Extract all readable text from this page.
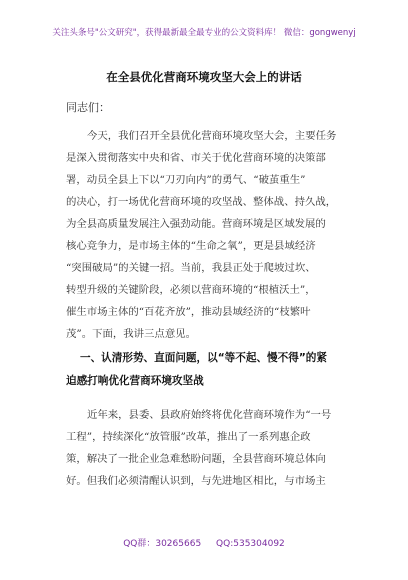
关注头条号"公文研究"，获得最新最全最专业的公文资料库！ 微信：gongwenyj
在全县优化营商环境攻坚大会上的讲话
同志们：
今天，我们召开全县优化营商环境攻坚大会，主要任务
是深入贯彻落实中央和省、市关于优化营商环境的决策部
署，动员全县上下以“刀刃向内”的勇气、“破茧重生”
的决心，打一场优化营商环境的攻坚战、整体战、持久战，
为全县高质量发展注入强劲动能。营商环境是区域发展的
核心竞争力，是市场主体的“生命之氧”，更是县域经济
“突围破局”的关键一招。当前，我县正处于爬坡过坎、
转型升级的关键阶段，必须以营商环境的“根植沃土”，
催生市场主体的“百花齐放”，推动县域经济的“枝繁叶
茂”。下面，我讲三点意见。
一、认清形势、直面问题，以“等不起、慢不得”的紧
迫感打响优化营商环境攻坚战
近年来，县委、县政府始终将优化营商环境作为“一号
工程”，持续深化“放管服”改革，推出了一系列惠企政
策，解决了一批企业急难愁盼问题，全县营商环境总体向
好。但我们必须清醒认识到，与先进地区相比，与市场主
QQ群：30265665 QQ:535304092
